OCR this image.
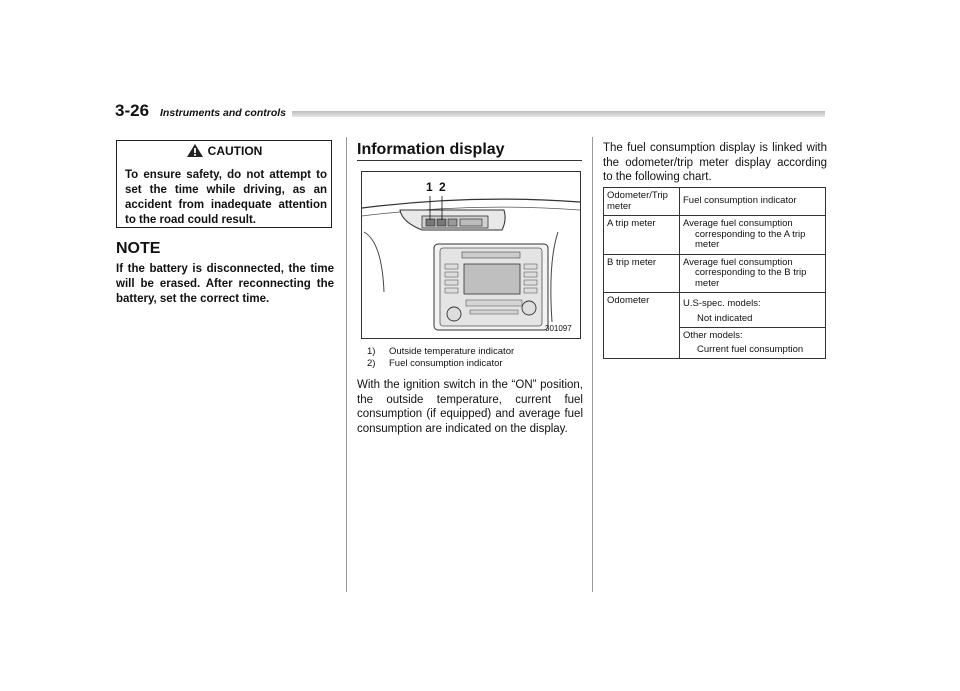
3-26 Instruments and controls
CAUTION
To ensure safety, do not attempt to set the time while driving, as an accident from inadequate attention to the road could result.
NOTE
If the battery is disconnected, the time will be erased. After reconnecting the battery, set the correct time.
Information display
1 2
301097
1) Outside temperature indicator
2) Fuel consumption indicator
With the ignition switch in the “ON” position, the outside temperature, current fuel consumption (if equipped) and average fuel consumption are indicated on the display.
The fuel consumption display is linked with the odometer/trip meter display according to the following chart.
Odometer/Trip meter	Fuel consumption indicator
A trip meter	Average fuel consumption corresponding to the A trip meter

B trip meter	Average fuel consumption corresponding to the B trip meter

Odometer	U.S-spec. models:
Not indicated

	Other models:
Current fuel consumption
